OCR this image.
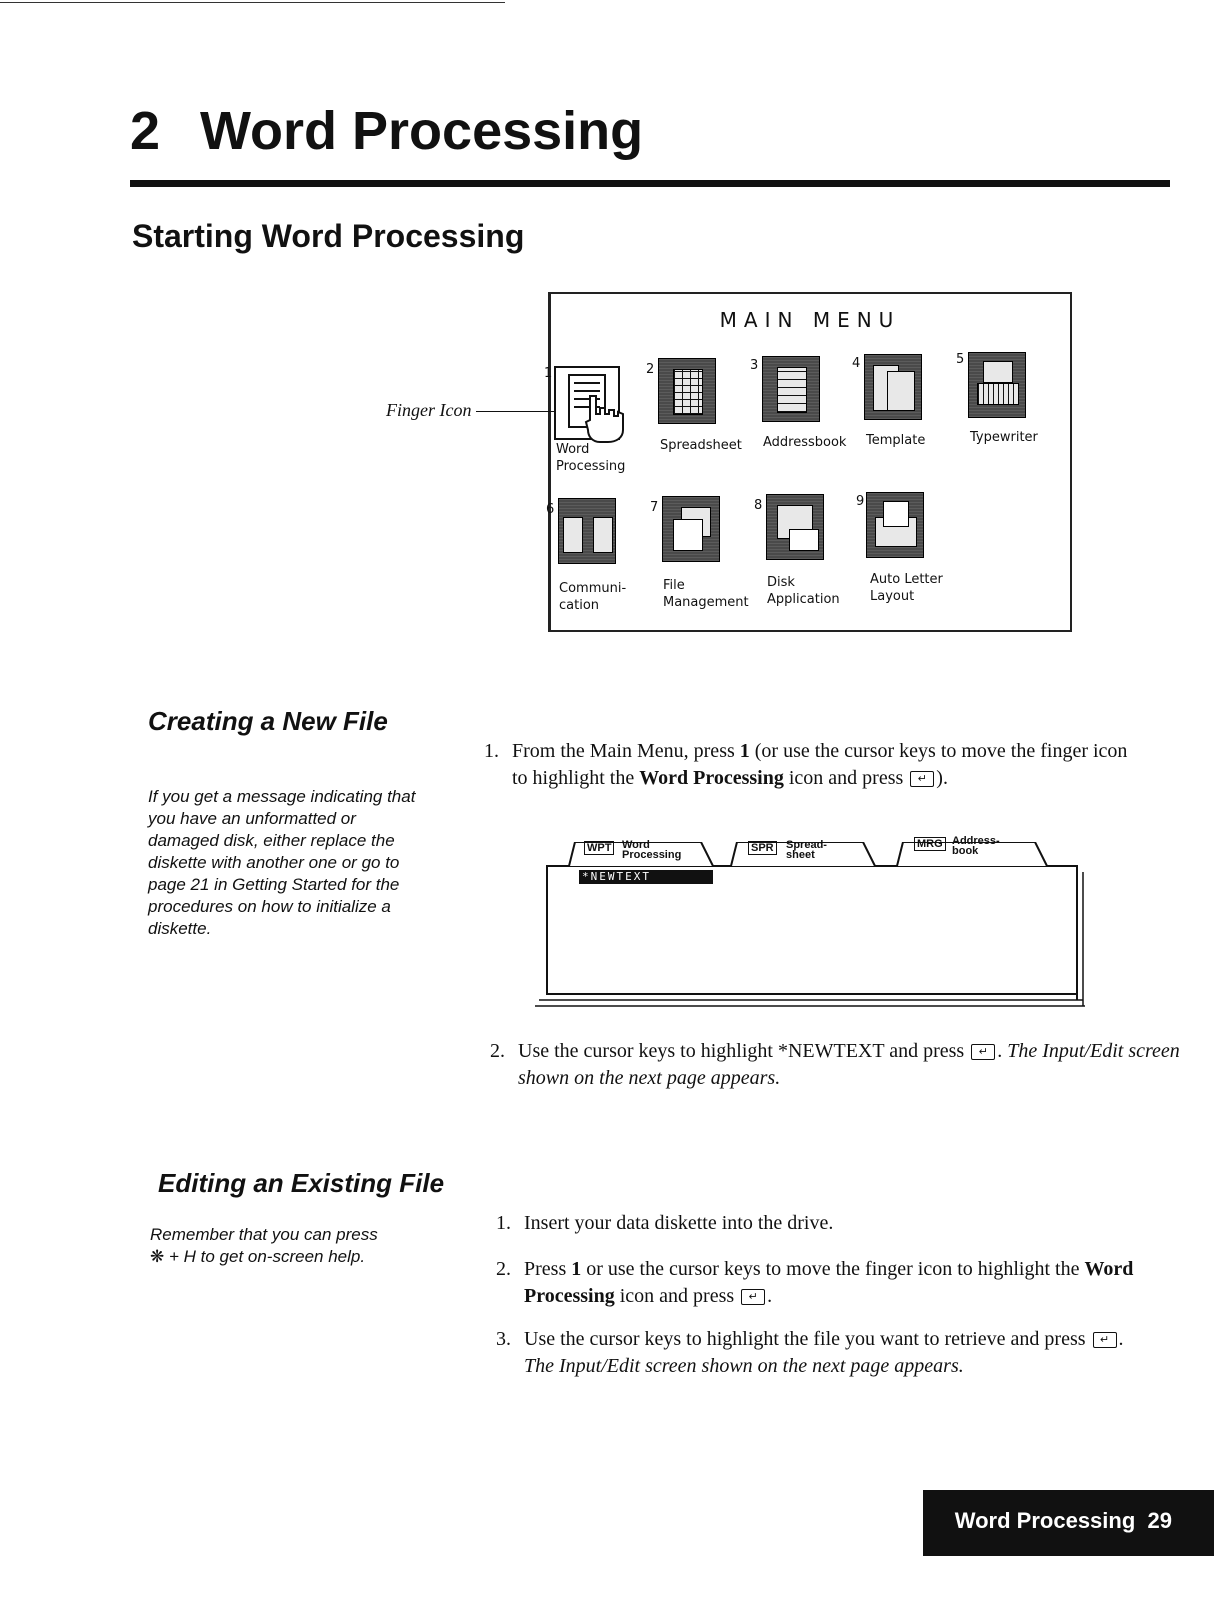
2 Word Processing
Starting Word Processing
MAIN MENU
Finger Icon
1	2	3	4	5
Word
Processing
Spreadsheet Addressbook Template	Typewriter
6	7	8	9
Communi-
cation
File
Management
Disk
Application
Auto Letter
Layout
Creating a New File
If you get a message indicating that you have an unformatted or damaged disk, either replace the diskette with another one or go to page 21 in Getting Started for the procedures on how to initialize a diskette.
1. From the Main Menu, press 1 (or use the cursor keys to move the finger icon to highlight the Word Processing icon and press ↵ ).
WPT Word
Processing
SPR Spread-
sheet
MRG Address-
book
*NEWTEXT
2. Use the cursor keys to highlight *NEWTEXT and press ↵ . The Input/Edit screen shown on the next page appears.
Editing an Existing File
Remember that you can press
❋ + H to get on-screen help.
1. Insert your data diskette into the drive.
2. Press 1 or use the cursor keys to move the finger icon to highlight the Word Processing icon and press ↵ .
3. Use the cursor keys to highlight the file you want to retrieve and press ↵ .
The Input/Edit screen shown on the next page appears.
Word Processing 29
